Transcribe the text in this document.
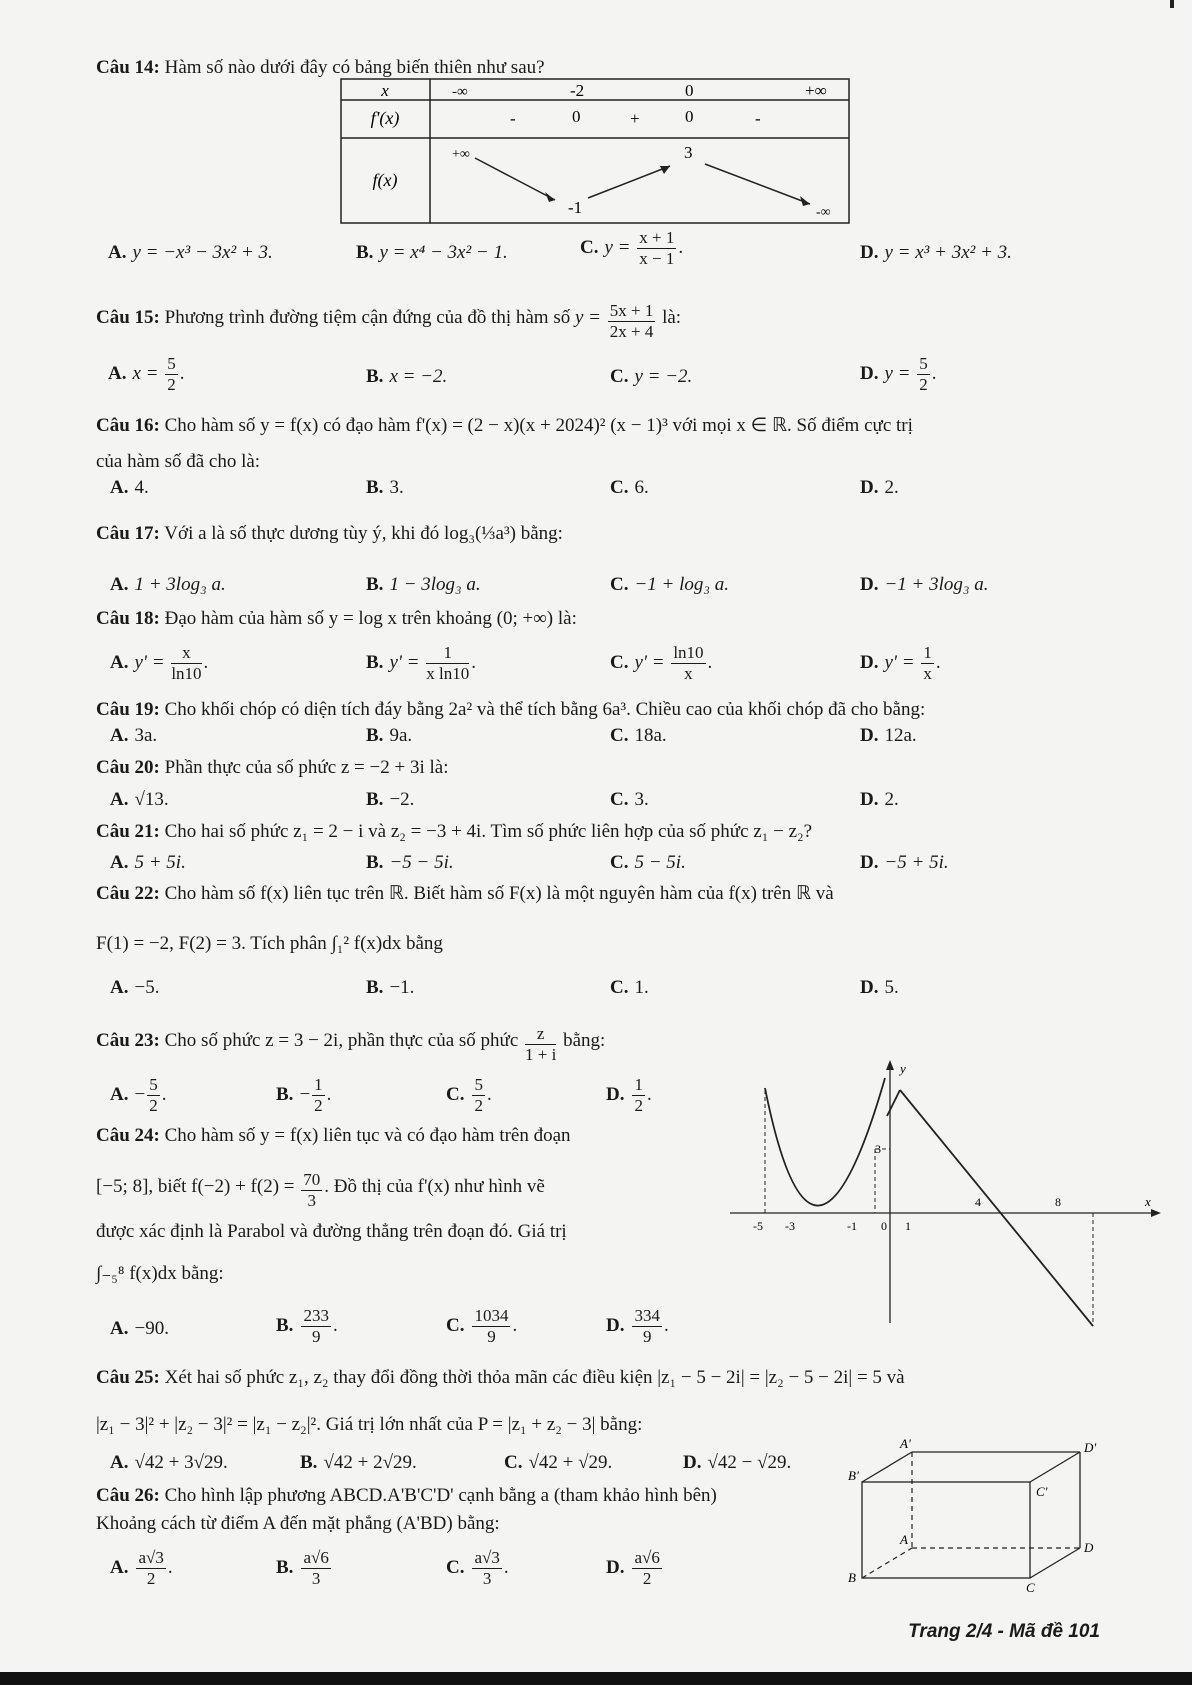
Câu 14: Hàm số nào dưới đây có bảng biến thiên như sau?
x	-∞	-2	0	+∞
f'(x)	-	0	+	0	-
f(x)
+∞
-1
3
-∞
A. y = −x³ − 3x² + 3.	B. y = x⁴ − 3x² − 1.	C. $y = \frac{x + 1}{x - 1}$ .	D. y = x³ + 3x² + 3.
Câu 15: Phương trình đường tiệm cận đứng của đồ thị hàm số $y = \frac{5x + 1}{2x + 4}$ là:
A. $x = \frac{5}{2}$ .	B. x = −2.	C. y = −2.	D. $y = \frac{5}{2}$ .
Câu 16: Cho hàm số y = f(x) có đạo hàm f'(x) = (2 − x)(x + 2024)² (x − 1)³ với mọi x ∈ ℝ. Số điểm cực trị
của hàm số đã cho là:
A. 4.	B. 3.	C. 6.	D. 2.
Câu 17: Với a là số thực dương tùy ý, khi đó log₃(⅓a³) bằng:
A. 1 + 3log₃ a.	B. 1 − 3log₃ a.	C. −1 + log₃ a.	D. −1 + 3log₃ a.
Câu 18: Đạo hàm của hàm số y = log x trên khoảng (0; +∞) là:
A. $y' = \frac{x}{\ln 10}$ .	B. $y' = \frac{1}{\text{x ln10}}$ .	C. $y' = \frac{\ln 10}{x}$ .	D. $y' = \frac{1}{x}$ .
Câu 19: Cho khối chóp có diện tích đáy bằng 2a² và thể tích bằng 6a³. Chiều cao của khối chóp đã cho bằng:
A. 3a.	B. 9a.	C. 18a.	D. 12a.
Câu 20: Phần thực của số phức z = −2 + 3i là:
A. √13.	B. −2.	C. 3.	D. 2.
Câu 21: Cho hai số phức z₁ = 2 − i và z₂ = −3 + 4i. Tìm số phức liên hợp của số phức z₁ − z₂?
A. 5 + 5i.	B. −5 − 5i.	C. 5 − 5i.	D. −5 + 5i.
Câu 22: Cho hàm số f(x) liên tục trên ℝ. Biết hàm số F(x) là một nguyên hàm của f(x) trên ℝ và
F(1) = −2, F(2) = 3. Tích phân ∫₁² f(x)dx bằng
A. −5.	B. −1.	C. 1.	D. 5.
Câu 23: Cho số phức z = 3 − 2i, phần thực của số phức $\frac{z}{1 + i}$ bằng:
A. − $\frac{5}{2}$ .	B. − $\frac{1}{2}$ .	C. $\frac{5}{2}$ .	D. $\frac{1}{2}$ .
Câu 24: Cho hàm số y = f(x) liên tục và có đạo hàm trên đoạn
[−5; 8], biết $f(-2) + f(2) = \frac{70}{3}$ . Đồ thị của f'(x) như hình vẽ
được xác định là Parabol và đường thẳng trên đoạn đó. Giá trị
∫₋₅⁸ f(x)dx bằng:
A. −90.	B. $\frac{233}{9}$ .	C. $\frac{1034}{9}$ .	D. $\frac{334}{9}$ .
y
x
3
-5 -3	-1 0 1
4	8
Câu 25: Xét hai số phức z₁, z₂ thay đổi đồng thời thỏa mãn các điều kiện |z₁ − 5 − 2i| = |z₂ − 5 − 2i| = 5 và
|z₁ − 3|² + |z₂ − 3|² = |z₁ − z₂|². Giá trị lớn nhất của P = |z₁ + z₂ − 3| bằng:
A. √42 + 3√29.	B. √42 + 2√29.	C. √42 + √29.	D. √42 − √29.
Câu 26: Cho hình lập phương ABCD.A'B'C'D' cạnh bằng a (tham khảo hình bên)
Khoảng cách từ điểm A đến mặt phẳng (A'BD) bằng:
A. $\frac{a√3}{2}$ .	B. $\frac{a√6}{3}$	C. $\frac{a√3}{3}$ .	D. $\frac{a√6}{2}$
A'	D'
B'
C'
A
D
B
C
Trang 2/4 - Mã đề 101
